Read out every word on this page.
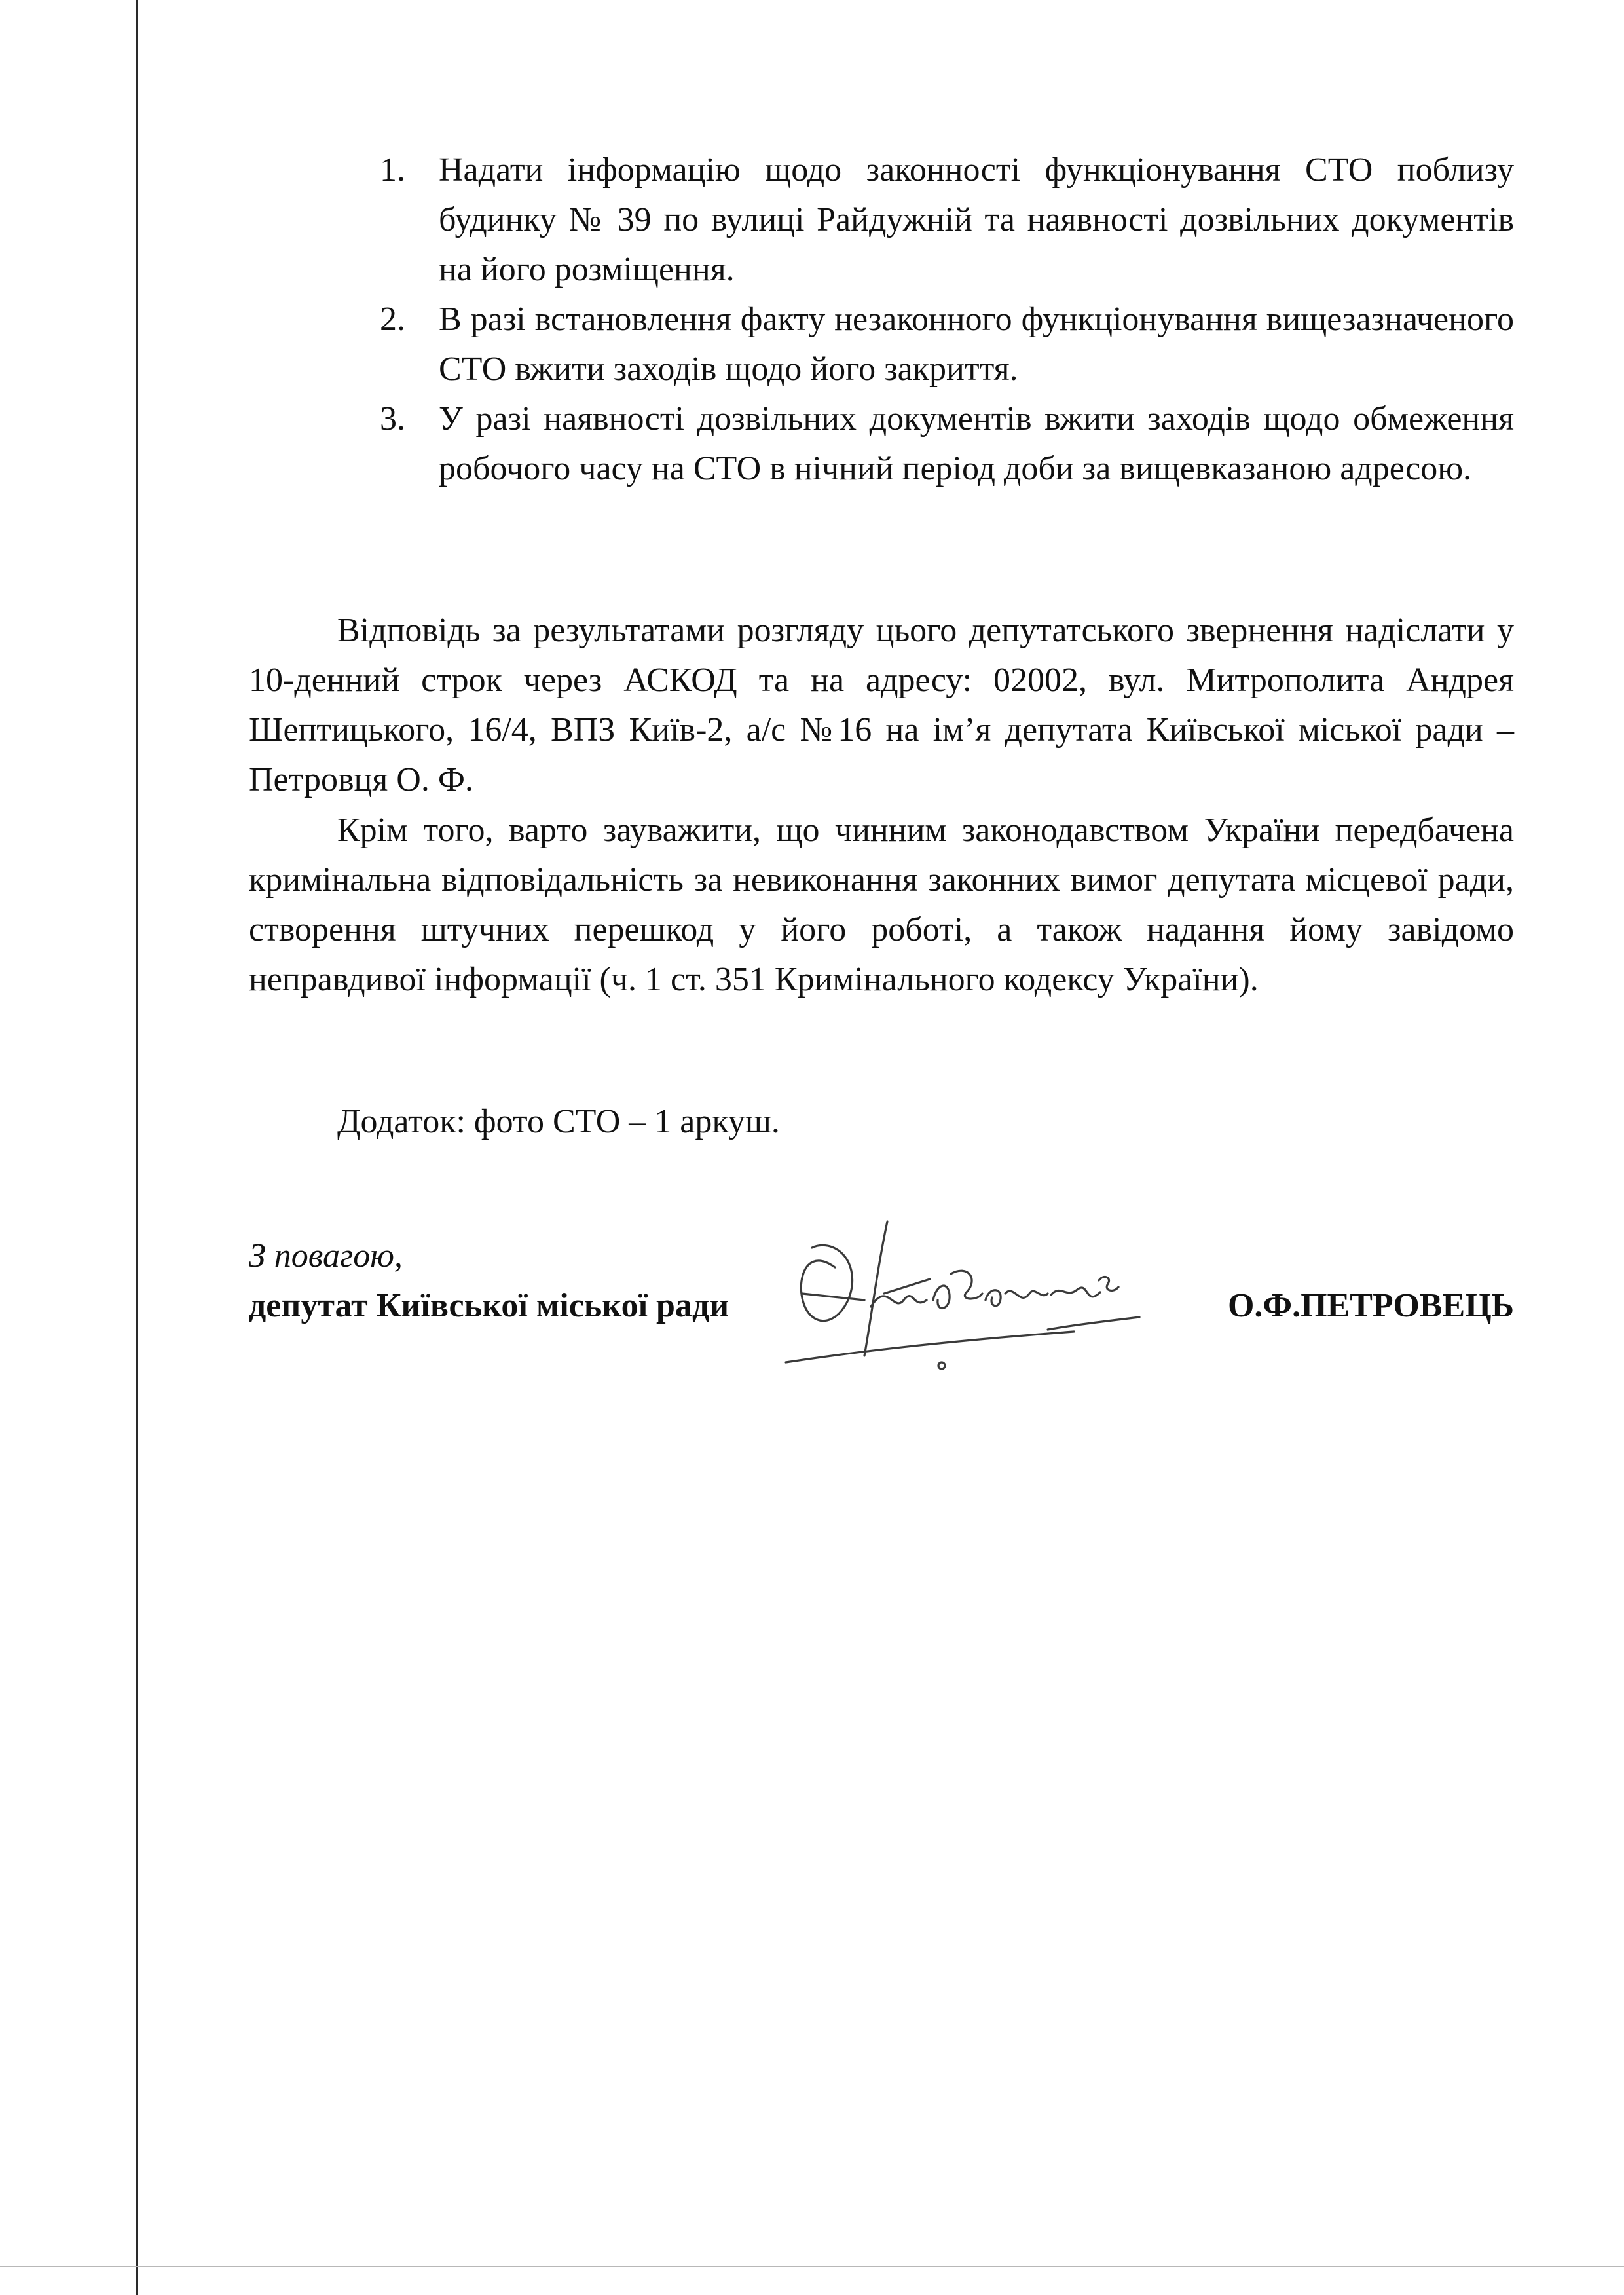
1. Надати інформацію щодо законності функціонування СТО поблизу будинку № 39 по вулиці Райдужній та наявності дозвільних документів на його розміщення.
2. В разі встановлення факту незаконного функціонування вищезазначеного СТО вжити заходів щодо його закриття.
3. У разі наявності дозвільних документів вжити заходів щодо обмеження робочого часу на СТО в нічний період доби за вищевказаною адресою.

Відповідь за результатами розгляду цього депутатського звернення надіслати у 10-денний строк через АСКОД та на адресу: 02002, вул. Митрополита Андрея Шептицького, 16/4, ВПЗ Київ-2, а/с №16 на ім’я депутата Київської міської ради – Петровця О. Ф.

Крім того, варто зауважити, що чинним законодавством України передбачена кримінальна відповідальність за невиконання законних вимог депутата місцевої ради, створення штучних перешкод у його роботі, а також надання йому завідомо неправдивої інформації (ч. 1 ст. 351 Кримінального кодексу України).

Додаток: фото СТО – 1 аркуш.
З повагою,
депутат Київської міської ради	О.Ф.ПЕТРОВЕЦЬ
